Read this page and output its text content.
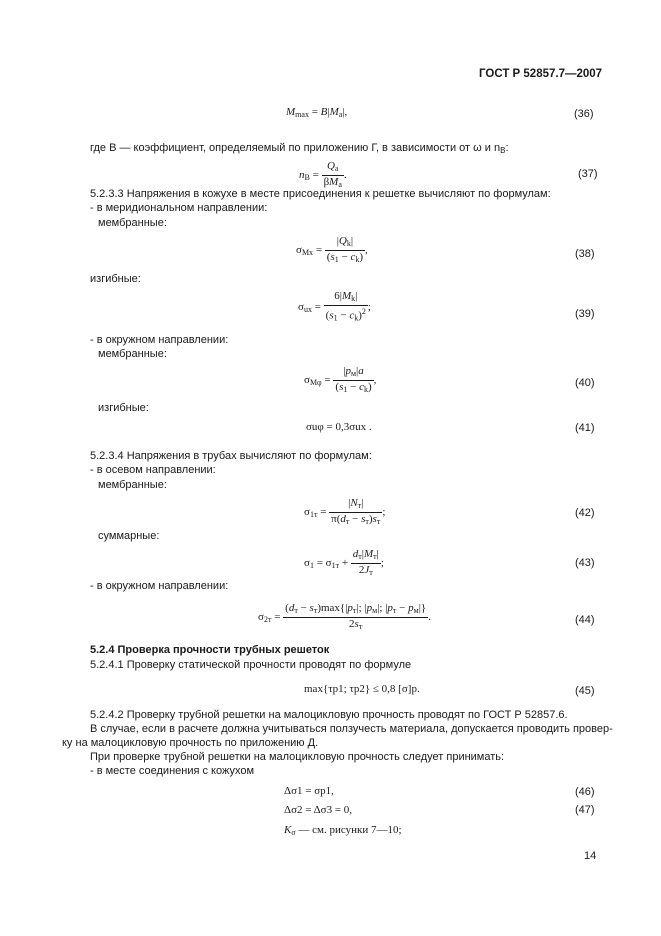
ГОСТ Р 52857.7—2007
$M_{max} = B|M_a|$,	(36)
где B — коэффициент, определяемый по приложению Г, в зависимости от ω и $n_B$:
$n_B = \frac{Q_a}{\beta M_a}$ .	(37)
5.2.3.3 Напряжения в кожухе в месте присоединения к решетке вычисляют по формулам:
- в меридиональном направлении:
мембранные:
$\sigma_{Mx} = \frac{|Q_k|}{(s_1 - c_k)}$ ,	(38)
изгибные:
$\sigma_{ux} = \frac{6|M_k|}{(s_1 - c_k)^2}$ ;
(39)
- в окружном направлении:
мембранные:
$\sigma_{M\varphi} = \frac{|p_м|a}{(s_1 - c_k)}$ ,	(40)
изгибные:
σuφ = 0,3σux .	(41)
5.2.3.4 Напряжения в трубах вычисляют по формулам:
- в осевом направлении:
мембранные:
$\sigma_{1т} = \frac{|N_т|}{\pi(d_т - s_т)s_т}$ ;	(42)
суммарные:
$\sigma_1 = \sigma_{1т} + \frac{d_т|M_т|}{2J_т}$ ;	(43)
- в окружном направлении:
$\sigma_{2т} = \frac{(d_т - s_т)\max\{|p_т|; |p_м|; |p_т - p_м|\}}{2s_т}$ .	(44)
5.2.4 Проверка прочности трубных решеток
5.2.4.1 Проверку статической прочности проводят по формуле
max{τp1; τp2} ≤ 0,8 [σ]p.	(45)
5.2.4.2 Проверку трубной решетки на малоцикловую прочность проводят по ГОСТ Р 52857.6.
В случае, если в расчете должна учитываться ползучесть материала, допускается проводить провер-
ку на малоцикловую прочность по приложению Д.
При проверке трубной решетки на малоцикловую прочность следует принимать:
- в месте соединения с кожухом
Δσ1 = σp1,	(46)
Δσ2 = Δσ3 = 0,	(47)
$K_\sigma$ — см. рисунки 7—10;
14
